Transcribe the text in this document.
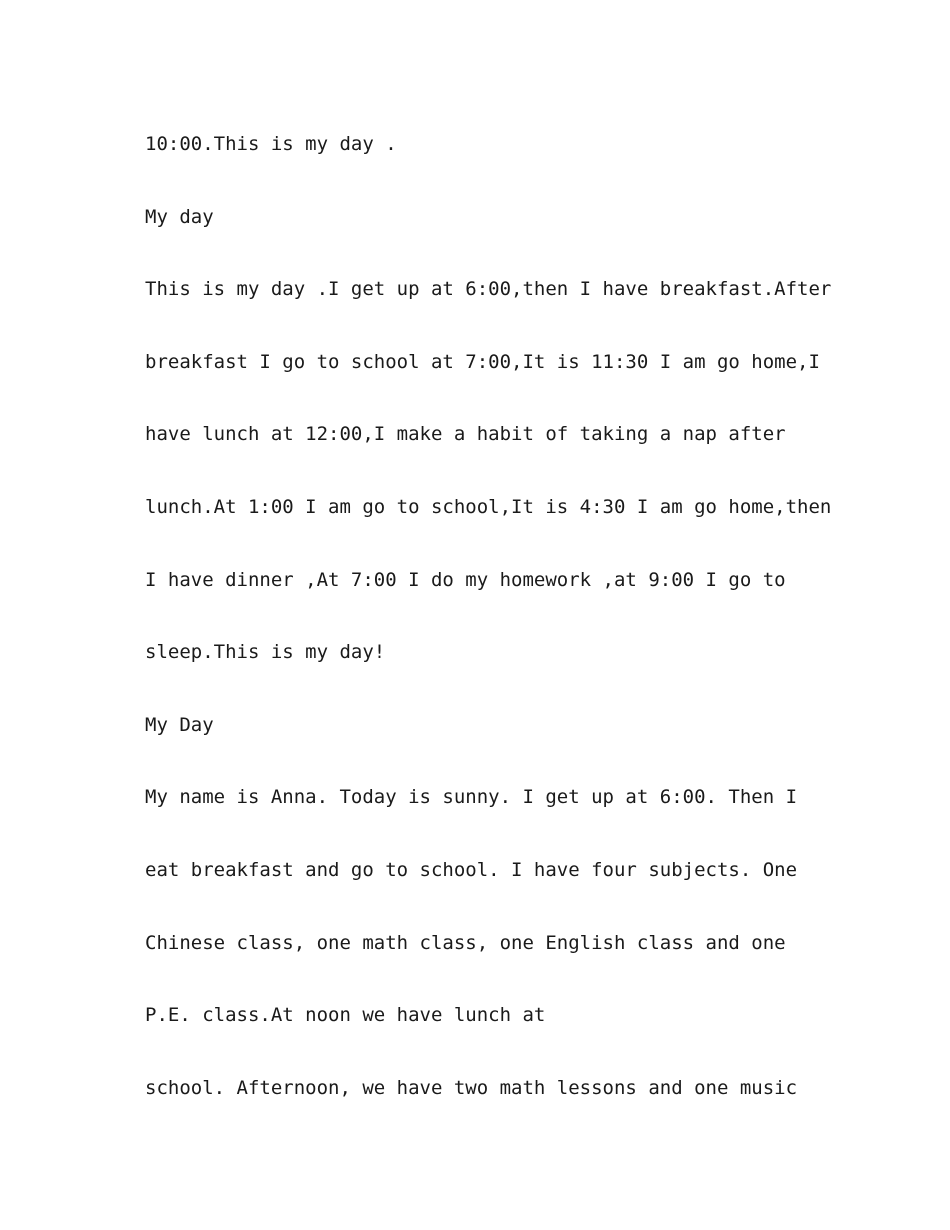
10:00.This is my day .
My day
This is my day .I get up at 6:00,then I have breakfast.After
breakfast I go to school at 7:00,It is 11:30 I am go home,I
have lunch at 12:00,I make a habit of taking a nap after
lunch.At 1:00 I am go to school,It is 4:30 I am go home,then
I have dinner ,At 7:00 I do my homework ,at 9:00 I go to
sleep.This is my day!
My Day
My name is Anna. Today is sunny. I get up at 6:00. Then I
eat breakfast and go to school. I have four subjects. One
Chinese class, one math class, one English class and one
P.E. class.At noon we have lunch at
school. Afternoon, we have two math lessons and one music
